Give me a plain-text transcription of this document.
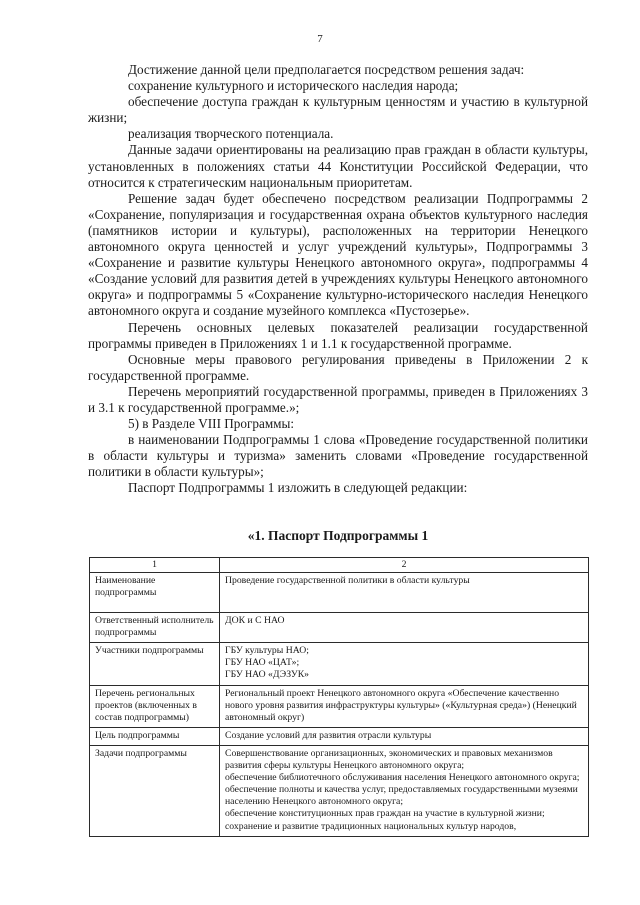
7

Достижение данной цели предполагается посредством решения задач:

сохранение культурного и исторического наследия народа;

обеспечение доступа граждан к культурным ценностям и участию в культурной жизни;

реализация творческого потенциала.

Данные задачи ориентированы на реализацию прав граждан в области культуры, установленных в положениях статьи 44 Конституции Российской Федерации, что относится к стратегическим национальным приоритетам.

Решение задач будет обеспечено посредством реализации Подпрограммы 2 «Сохранение, популяризация и государственная охрана объектов культурного наследия (памятников истории и культуры), расположенных на территории Ненецкого автономного округа ценностей и услуг учреждений культуры», Подпрограммы 3 «Сохранение и развитие культуры Ненецкого автономного округа», подпрограммы 4 «Создание условий для развития детей в учреждениях культуры Ненецкого автономного округа» и подпрограммы 5 «Сохранение культурно-исторического наследия Ненецкого автономного округа и создание музейного комплекса «Пустозерье».

Перечень основных целевых показателей реализации государственной программы приведен в Приложениях 1 и 1.1 к государственной программе.

Основные меры правового регулирования приведены в Приложении 2 к государственной программе.

Перечень мероприятий государственной программы, приведен в Приложениях 3 и 3.1 к государственной программе.»;

5) в Разделе VIII Программы:

в наименовании Подпрограммы 1 слова «Проведение государственной политики в области культуры и туризма» заменить словами «Проведение государственной политики в области культуры»;

Паспорт Подпрограммы 1 изложить в следующей редакции:

«1. Паспорт Подпрограммы 1
1	2
Наименование подпрограммы	Проведение государственной политики в области культуры

Ответственный исполнитель подпрограммы	ДОК и С НАО

Участники подпрограммы	ГБУ культуры НАО;
ГБУ НАО «ЦАТ»;
ГБУ НАО «ДЭЗУК»

Перечень региональных проектов (включенных в состав подпрограммы)	Региональный проект Ненецкого автономного округа «Обеспечение качественно нового уровня развития инфраструктуры культуры» («Культурная среда») (Ненецкий автономный округ)

Цель подпрограммы	Создание условий для развития отрасли культуры

Задачи подпрограммы	Совершенствование организационных, экономических и правовых механизмов развития сферы культуры Ненецкого автономного округа;
обеспечение библиотечного обслуживания населения Ненецкого автономного округа;
обеспечение полноты и качества услуг, предоставляемых государственными музеями населению Ненецкого автономного округа;
обеспечение конституционных прав граждан на участие в культурной жизни;
сохранение и развитие традиционных национальных культур народов,
